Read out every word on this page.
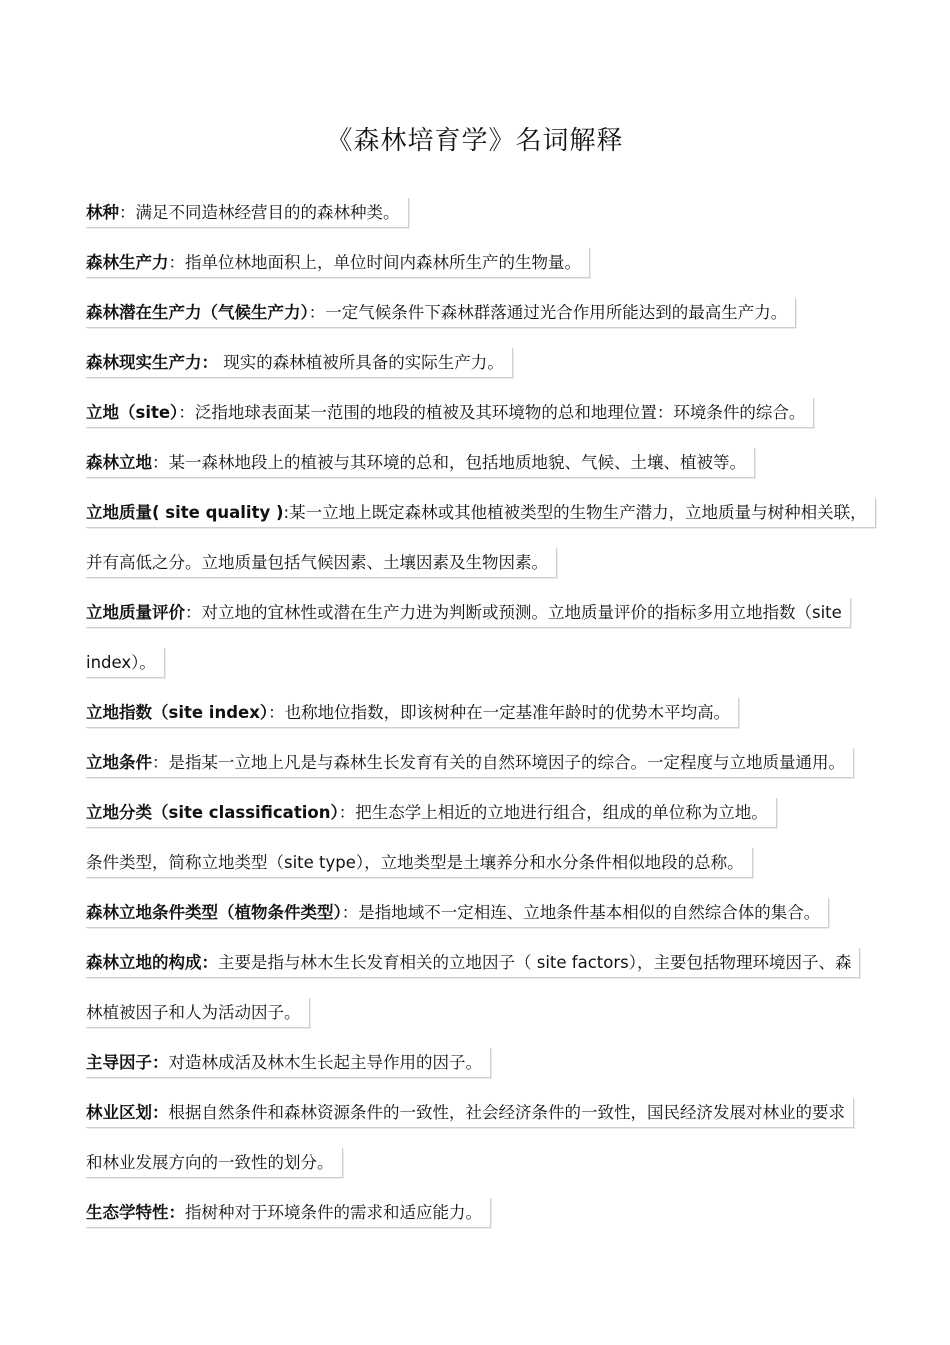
《森林培育学》名词解释
林种：满足不同造林经营目的的森林种类。
森林生产力：指单位林地面积上，单位时间内森林所生产的生物量。
森林潜在生产力（气候生产力）：一定气候条件下森林群落通过光合作用所能达到的最高生产力。
森林现实生产力： 现实的森林植被所具备的实际生产力。
立地（site）：泛指地球表面某一范围的地段的植被及其环境物的总和地理位置：环境条件的综合。
森林立地：某一森林地段上的植被与其环境的总和，包括地质地貌、气候、土壤、植被等。
立地质量( site quality ):某一立地上既定森林或其他植被类型的生物生产潜力，立地质量与树种相关联，
并有高低之分。立地质量包括气候因素、土壤因素及生物因素。
立地质量评价：对立地的宜林性或潜在生产力进为判断或预测。立地质量评价的指标多用立地指数（site
index）。
立地指数（site index）：也称地位指数，即该树种在一定基准年龄时的优势木平均高。
立地条件：是指某一立地上凡是与森林生长发育有关的自然环境因子的综合。一定程度与立地质量通用。
立地分类（site classification）：把生态学上相近的立地进行组合，组成的单位称为立地。
条件类型，简称立地类型（site type），立地类型是土壤养分和水分条件相似地段的总称。
森林立地条件类型（植物条件类型）：是指地域不一定相连、立地条件基本相似的自然综合体的集合。
森林立地的构成：主要是指与林木生长发育相关的立地因子（ site factors），主要包括物理环境因子、森
林植被因子和人为活动因子。
主导因子：对造林成活及林木生长起主导作用的因子。
林业区划：根据自然条件和森林资源条件的一致性，社会经济条件的一致性，国民经济发展对林业的要求
和林业发展方向的一致性的划分。
生态学特性：指树种对于环境条件的需求和适应能力。
